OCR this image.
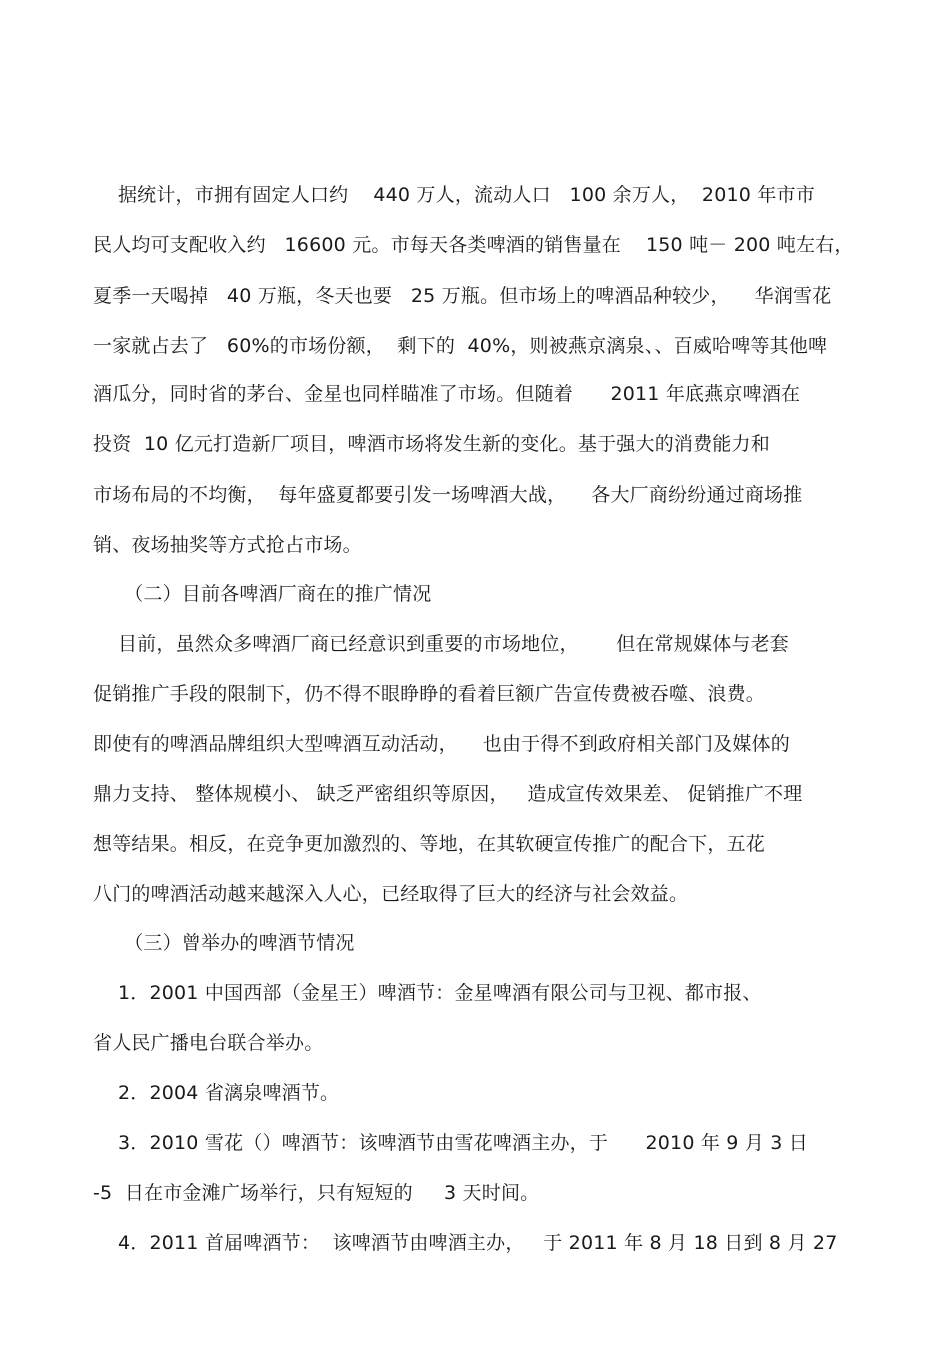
据统计，市拥有固定人口约    440 万人，流动人口   100 余万人，  2010 年市市
民人均可支配收入约   16600 元。市每天各类啤酒的销售量在    150 吨－ 200 吨左右，
夏季一天喝掉   40 万瓶，冬天也要   25 万瓶。但市场上的啤酒品种较少，    华润雪花
一家就占去了   60%的市场份额，  剩下的  40%，则被燕京漓泉、、百威哈啤等其他啤
酒瓜分，同时省的茅台、金星也同样瞄准了市场。但随着      2011 年底燕京啤酒在
投资  10 亿元打造新厂项目，啤酒市场将发生新的变化。基于强大的消费能力和
市场布局的不均衡，  每年盛夏都要引发一场啤酒大战，    各大厂商纷纷通过商场推
销、夜场抽奖等方式抢占市场。
（二）目前各啤酒厂商在的推广情况
目前，虽然众多啤酒厂商已经意识到重要的市场地位，      但在常规媒体与老套
促销推广手段的限制下，仍不得不眼睁睁的看着巨额广告宣传费被吞噬、浪费。
即使有的啤酒品牌组织大型啤酒互动活动，    也由于得不到政府相关部门及媒体的
鼎力支持、 整体规模小、 缺乏严密组织等原因，   造成宣传效果差、 促销推广不理
想等结果。相反，在竞争更加激烈的、等地，在其软硬宣传推广的配合下，五花
八门的啤酒活动越来越深入人心，已经取得了巨大的经济与社会效益。
（三）曾举办的啤酒节情况
1．2001 中国西部（金星王）啤酒节：金星啤酒有限公司与卫视、都市报、
省人民广播电台联合举办。
2．2004 省漓泉啤酒节。
3．2010 雪花（）啤酒节：该啤酒节由雪花啤酒主办，于      2010 年 9 月 3 日
-5  日在市金滩广场举行，只有短短的     3 天时间。
4．2011 首届啤酒节：  该啤酒节由啤酒主办，   于 2011 年 8 月 18 日到 8 月 27
